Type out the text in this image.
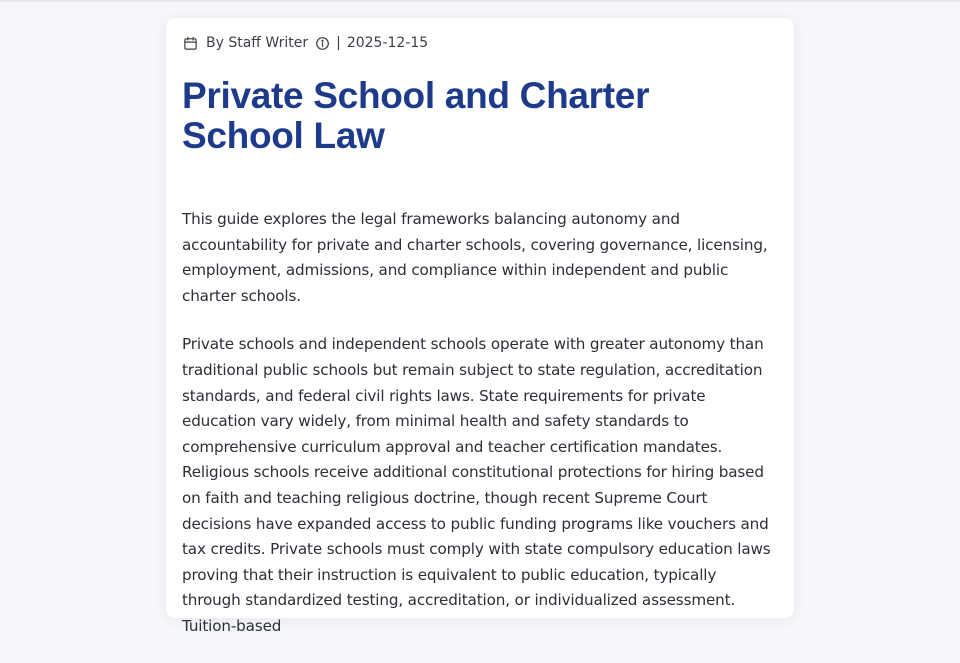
By Staff Writer | 2025-12-15
Private School and Charter School Law

This guide explores the legal frameworks balancing autonomy and accountability for private and charter schools, covering governance, licensing, employment, admissions, and compliance within independent and public charter schools.

Private schools and independent schools operate with greater autonomy than traditional public schools but remain subject to state regulation, accreditation standards, and federal civil rights laws. State requirements for private education vary widely, from minimal health and safety standards to comprehensive curriculum approval and teacher certification mandates. Religious schools receive additional constitutional protections for hiring based on faith and teaching religious doctrine, though recent Supreme Court decisions have expanded access to public funding programs like vouchers and tax credits. Private schools must comply with state compulsory education laws proving that their instruction is equivalent to public education, typically through standardized testing, accreditation, or individualized assessment. Tuition-based
